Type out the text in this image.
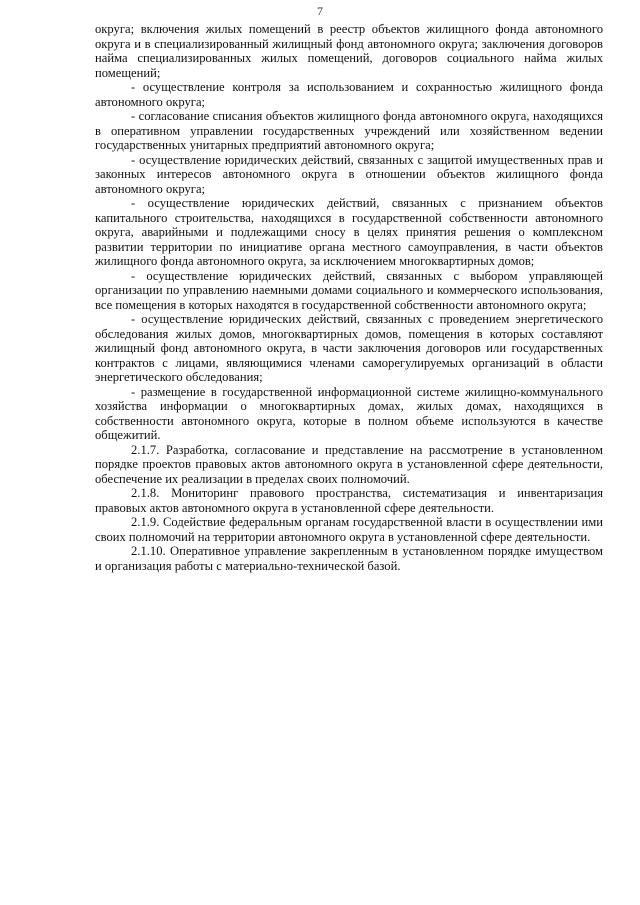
7

округа; включения жилых помещений в реестр объектов жилищного фонда автономного округа и в специализированный жилищный фонд автономного округа; заключения договоров найма специализированных жилых помещений, договоров социального найма жилых помещений;

- осуществление контроля за использованием и сохранностью жилищного фонда автономного округа;

- согласование списания объектов жилищного фонда автономного округа, находящихся в оперативном управлении государственных учреждений или хозяйственном ведении государственных унитарных предприятий автономного округа;

- осуществление юридических действий, связанных с защитой имущественных прав и законных интересов автономного округа в отношении объектов жилищного фонда автономного округа;

- осуществление юридических действий, связанных с признанием объектов капитального строительства, находящихся в государственной собственности автономного округа, аварийными и подлежащими сносу в целях принятия решения о комплексном развитии территории по инициативе органа местного самоуправления, в части объектов жилищного фонда автономного округа, за исключением многоквартирных домов;

- осуществление юридических действий, связанных с выбором управляющей организации по управлению наемными домами социального и коммерческого использования, все помещения в которых находятся в государственной собственности автономного округа;

- осуществление юридических действий, связанных с проведением энергетического обследования жилых домов, многоквартирных домов, помещения в которых составляют жилищный фонд автономного округа, в части заключения договоров или государственных контрактов с лицами, являющимися членами саморегулируемых организаций в области энергетического обследования;

- размещение в государственной информационной системе жилищно-коммунального хозяйства информации о многоквартирных домах, жилых домах, находящихся в собственности автономного округа, которые в полном объеме используются в качестве общежитий.

2.1.7. Разработка, согласование и представление на рассмотрение в установленном порядке проектов правовых актов автономного округа в установленной сфере деятельности, обеспечение их реализации в пределах своих полномочий.

2.1.8. Мониторинг правового пространства, систематизация и инвентаризация правовых актов автономного округа в установленной сфере деятельности.

2.1.9. Содействие федеральным органам государственной власти в осуществлении ими своих полномочий на территории автономного округа в установленной сфере деятельности.

2.1.10. Оперативное управление закрепленным в установленном порядке имуществом и организация работы с материально-технической базой.
